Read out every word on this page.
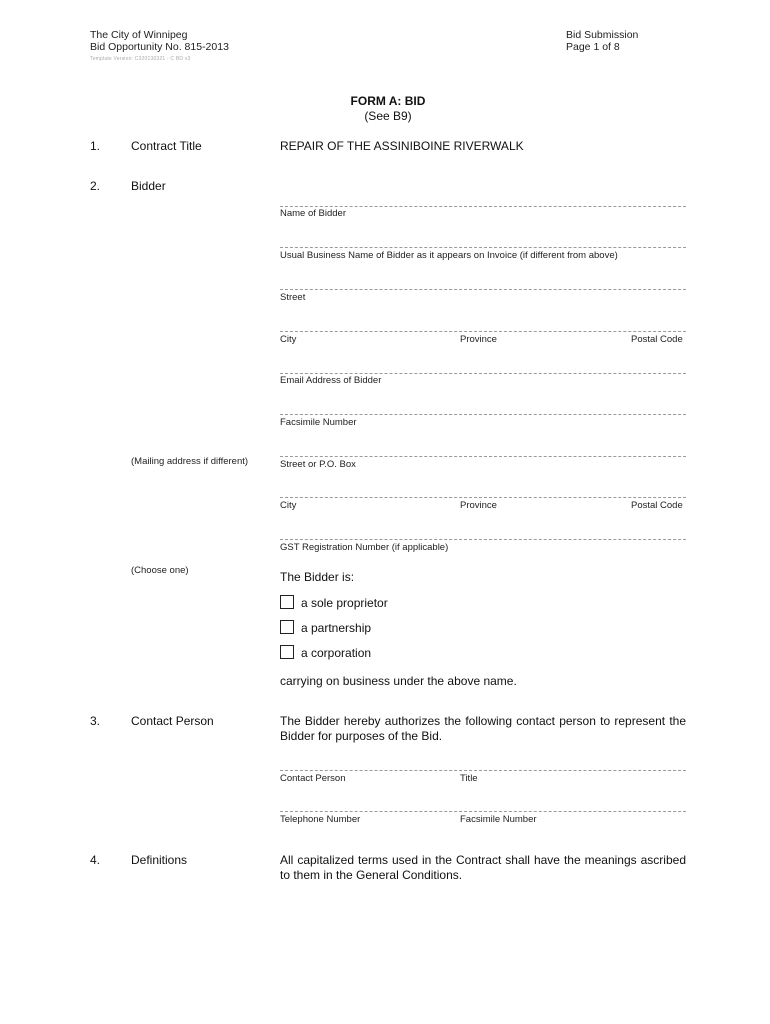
The City of Winnipeg
Bid Opportunity No. 815-2013
Template Version: C320130321 - C BD v3
Bid Submission
Page 1 of 8
FORM A: BID
(See B9)
1.	Contract Title	REPAIR OF THE ASSINIBOINE RIVERWALK
2.	Bidder
Name of Bidder
Usual Business Name of Bidder as it appears on Invoice (if different from above)
Street
City	Province	Postal Code
Email Address of Bidder
Facsimile Number
(Mailing address if different)	Street or P.O. Box
City	Province	Postal Code
GST Registration Number (if applicable)
(Choose one)	The Bidder is:
a sole proprietor
a partnership
a corporation
carrying on business under the above name.
3.	Contact Person	The Bidder hereby authorizes the following contact person to represent the Bidder for purposes of the Bid.
Contact Person	Title
Telephone Number	Facsimile Number
4.	Definitions	All capitalized terms used in the Contract shall have the meanings ascribed to them in the General Conditions.
